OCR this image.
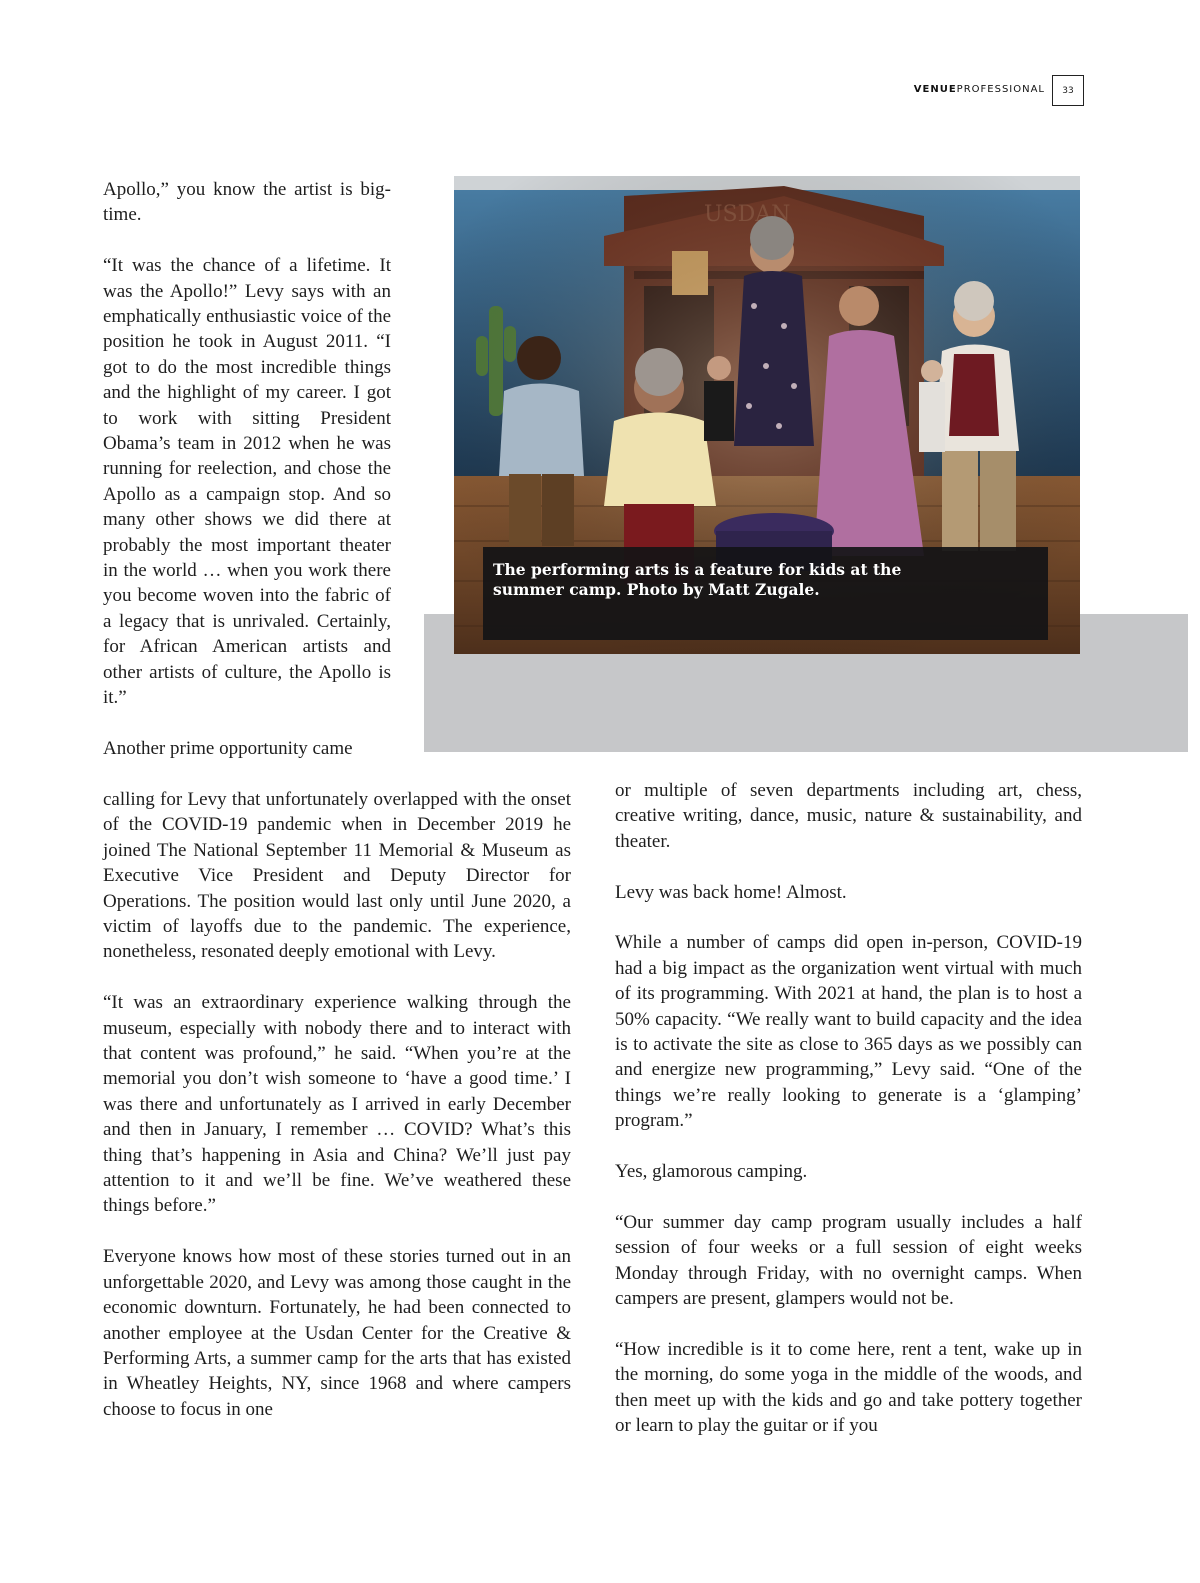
VENUEPROFESSIONAL	33
The performing arts is a feature for kids at the summer camp. Photo by Matt Zugale.

Apollo,” you know the artist is big-time.

“It was the chance of a lifetime. It was the Apollo!” Levy says with an emphatically enthusiastic voice of the position he took in August 2011. “I got to do the most incredible things and the highlight of my career. I got to work with sitting President Obama’s team in 2012 when he was running for reelection, and chose the Apollo as a campaign stop. And so many other shows we did there at probably the most important theater in the world … when you work there you become woven into the fabric of a legacy that is unrivaled. Certainly, for African American artists and other artists of culture, the Apollo is it.”

Another prime opportunity came

calling for Levy that unfortunately overlapped with the onset of the COVID-19 pandemic when in December 2019 he joined The National September 11 Memorial & Museum as Executive Vice President and Deputy Director for Operations. The position would last only until June 2020, a victim of layoffs due to the pandemic. The experience, nonetheless, resonated deeply emotional with Levy.

“It was an extraordinary experience walking through the museum, especially with nobody there and to interact with that content was profound,” he said. “When you’re at the memorial you don’t wish someone to ‘have a good time.’ I was there and unfortunately as I arrived in early December and then in January, I remember … COVID? What’s this thing that’s happening in Asia and China? We’ll just pay attention to it and we’ll be fine. We’ve weathered these things before.”

Everyone knows how most of these stories turned out in an unforgettable 2020, and Levy was among those caught in the economic downturn. Fortunately, he had been connected to another employee at the Usdan Center for the Creative & Performing Arts, a summer camp for the arts that has existed in Wheatley Heights, NY, since 1968 and where campers choose to focus in one

or multiple of seven departments including art, chess, creative writing, dance, music, nature & sustainability, and theater.

Levy was back home! Almost.

While a number of camps did open in-person, COVID-19 had a big impact as the organization went virtual with much of its programming. With 2021 at hand, the plan is to host a 50% capacity. “We really want to build capacity and the idea is to activate the site as close to 365 days as we possibly can and energize new programming,” Levy said. “One of the things we’re really looking to generate is a ‘glamping’ program.”

Yes, glamorous camping.

“Our summer day camp program usually includes a half session of four weeks or a full session of eight weeks Monday through Friday, with no overnight camps. When campers are present, glampers would not be.

“How incredible is it to come here, rent a tent, wake up in the morning, do some yoga in the middle of the woods, and then meet up with the kids and go and take pottery together or learn to play the guitar or if you
